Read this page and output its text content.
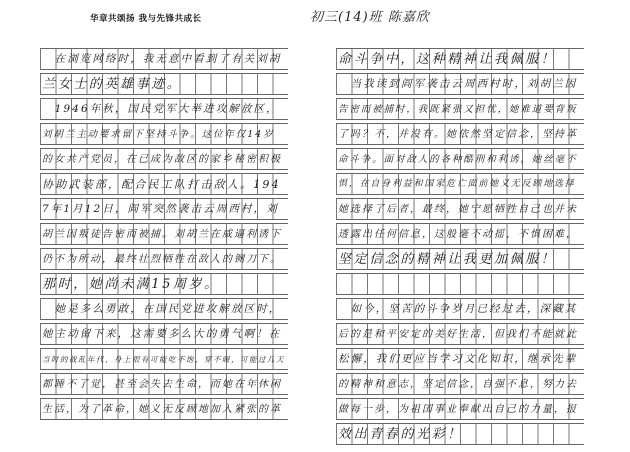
华章共颂扬 我与先锋共成长	初三(14)班 陈嘉欣
　在浏览网络时，我无意中看到了有关刘胡
兰女士的英雄事迹。
　1946年秋，国民党军大举进攻解放区，
刘胡兰主动要求留下坚持斗争。这位年仅14岁
的女共产党员，在已成为敌区的家乡秘密积极
协助武装部，配合民工队打击敌人。194
7年1月12日，阎军突然袭击云周西村，刘
胡兰因叛徒告密而被捕。刘胡兰在威逼利诱下
仍不为所动，最终壮烈牺牲在敌人的铡刀下。
那时，她尚未满15周岁。
　她是多么勇敢，在国民党进攻解放区时，
她主动留下来，这需要多么大的勇气啊！在
当时的战乱年代，身上很有可能吃不饱，穿不暖，可能过几天
都睡不了觉，甚至会失去生命，而她在年休闲
生活，为了革命，她义无反顾地加入紧张的革
命斗争中，这种精神让我佩服！
　当我读到阎军袭击云周西村时，刘胡兰因
告密而被捕时，我既紧张又担忧，她难道要背叛
了吗？不，并没有。她依然坚定信念，坚持革
命斗争。面对敌人的各种酷刑和利诱，她丝毫不
惧，在自身利益和国家危亡面前她义无反顾地选择
她选择了后者，最终，她宁愿牺牲自己也并未
透露出任何信息，这般毫不动摇，不惧困难，
坚定信念的精神让我更加佩服！
　如今，坚苦的斗争岁月已经过去，深藏其
后的是和平安定的美好生活，但我们不能就此
松懈，我们更应当学习文化知识，继承先辈
的精神和意志，坚定信念，自强不息，努力去
做每一步，为祖国事业奉献出自己的力量，报
效出青春的光彩！
